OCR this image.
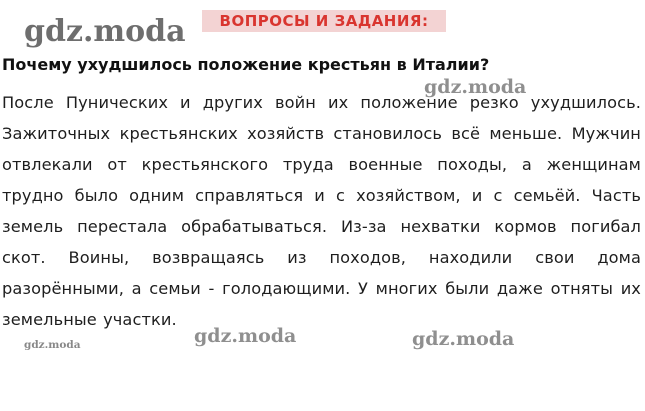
ВОПРОСЫ И ЗАДАНИЯ:
gdz.moda
Почему ухудшилось положение крестьян в Италии?
gdz.moda
После Пунических и других войн их положение резко ухудшилось. Зажиточных крестьянских хозяйств становилось всё меньше. Мужчин отвлекали от крестьянского труда военные походы, а женщинам трудно было одним справляться и с хозяйством, и с семьёй. Часть земель перестала обрабатываться. Из-за нехватки кормов погибал скот. Воины, возвращаясь из походов, находили свои дома разорёнными, а семьи - голодающими. У многих были даже отняты их земельные участки.
gdz.moda	gdz.moda
gdz.moda
